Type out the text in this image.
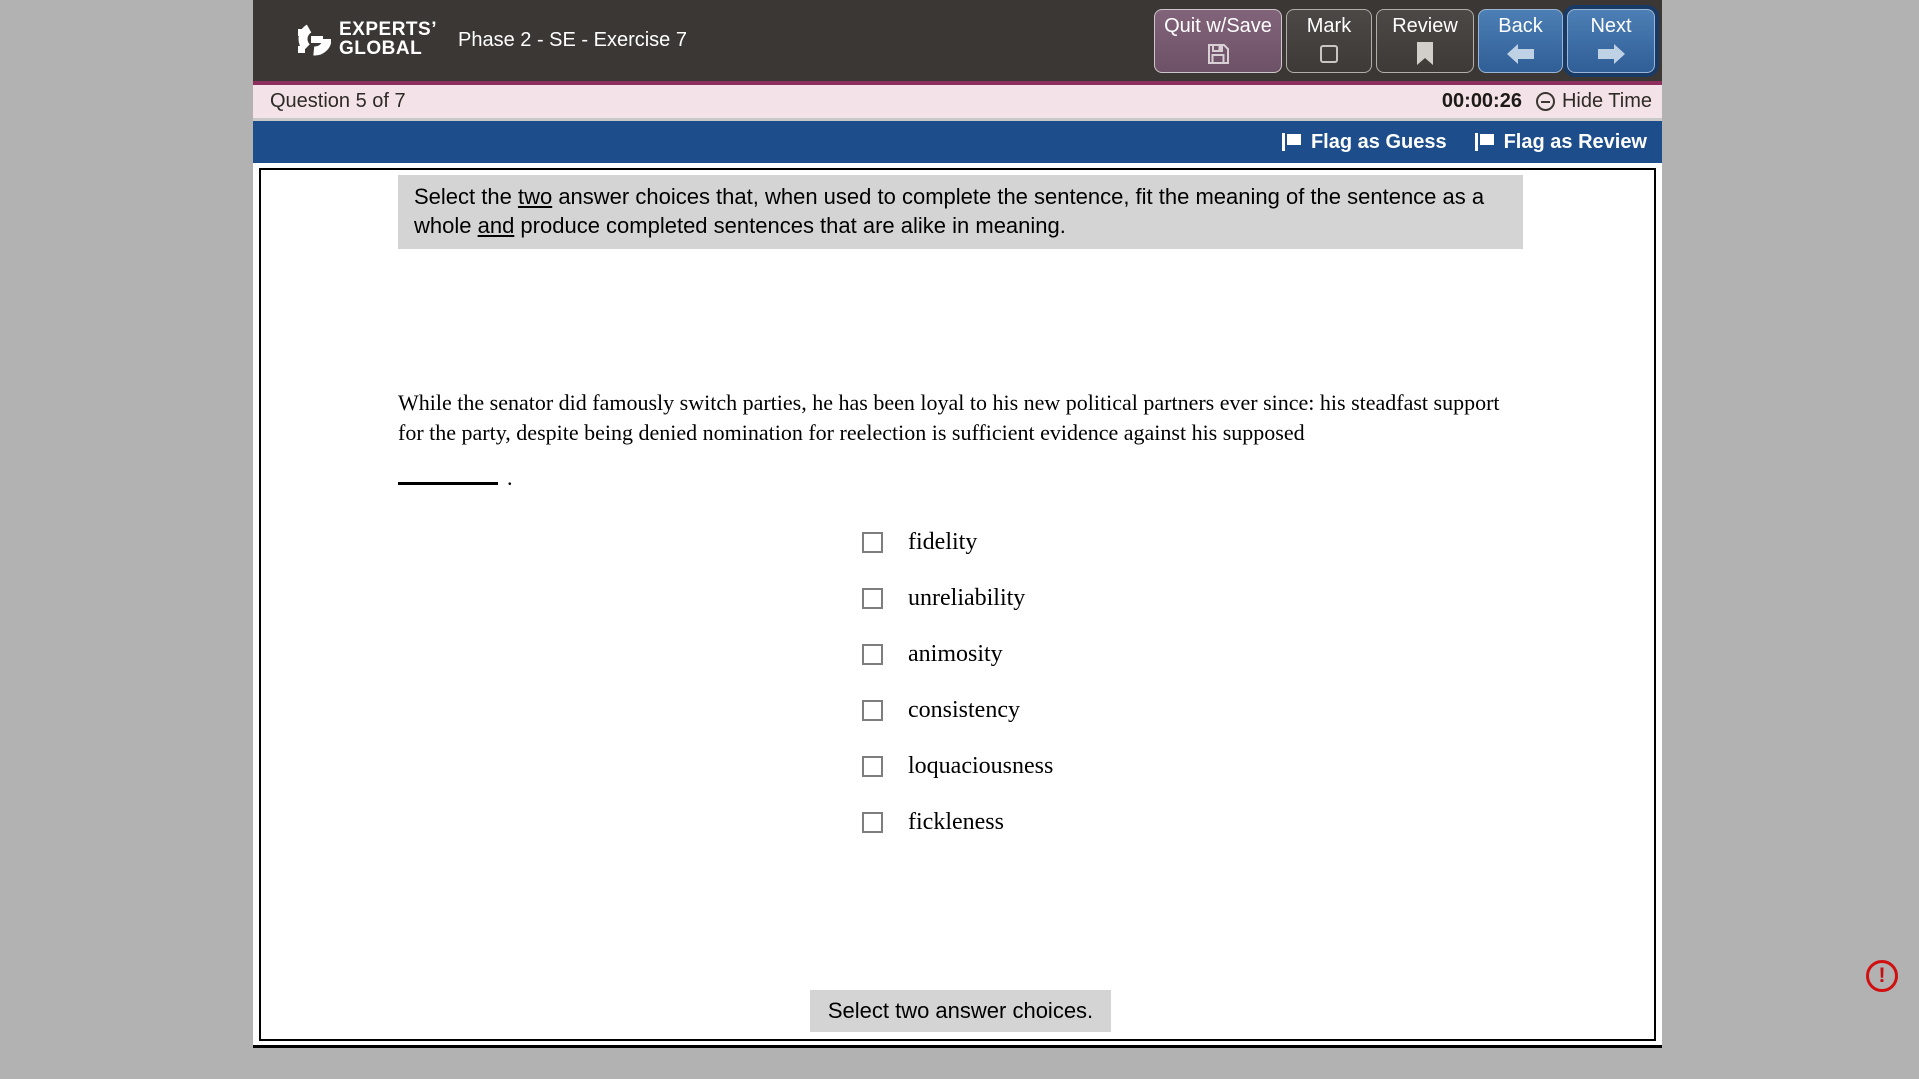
EXPERTS’
GLOBAL	Phase 2 - SE - Exercise 7
Quit w/Save Mark Review Back Next
Question 5 of 7	00:00:26 Hide Time
Flag as Guess	Flag as Review
Select the two answer choices that, when used to complete the sentence, fit the meaning of the sentence as a whole and produce completed sentences that are alike in meaning.
While the senator did famously switch parties, he has been loyal to his new political partners ever since: his steadfast support for the party, despite being denied nomination for reelection is sufficient evidence against his supposed
.
fidelity
unreliability
animosity
consistency
loquaciousness
fickleness
Select two answer choices.
!
